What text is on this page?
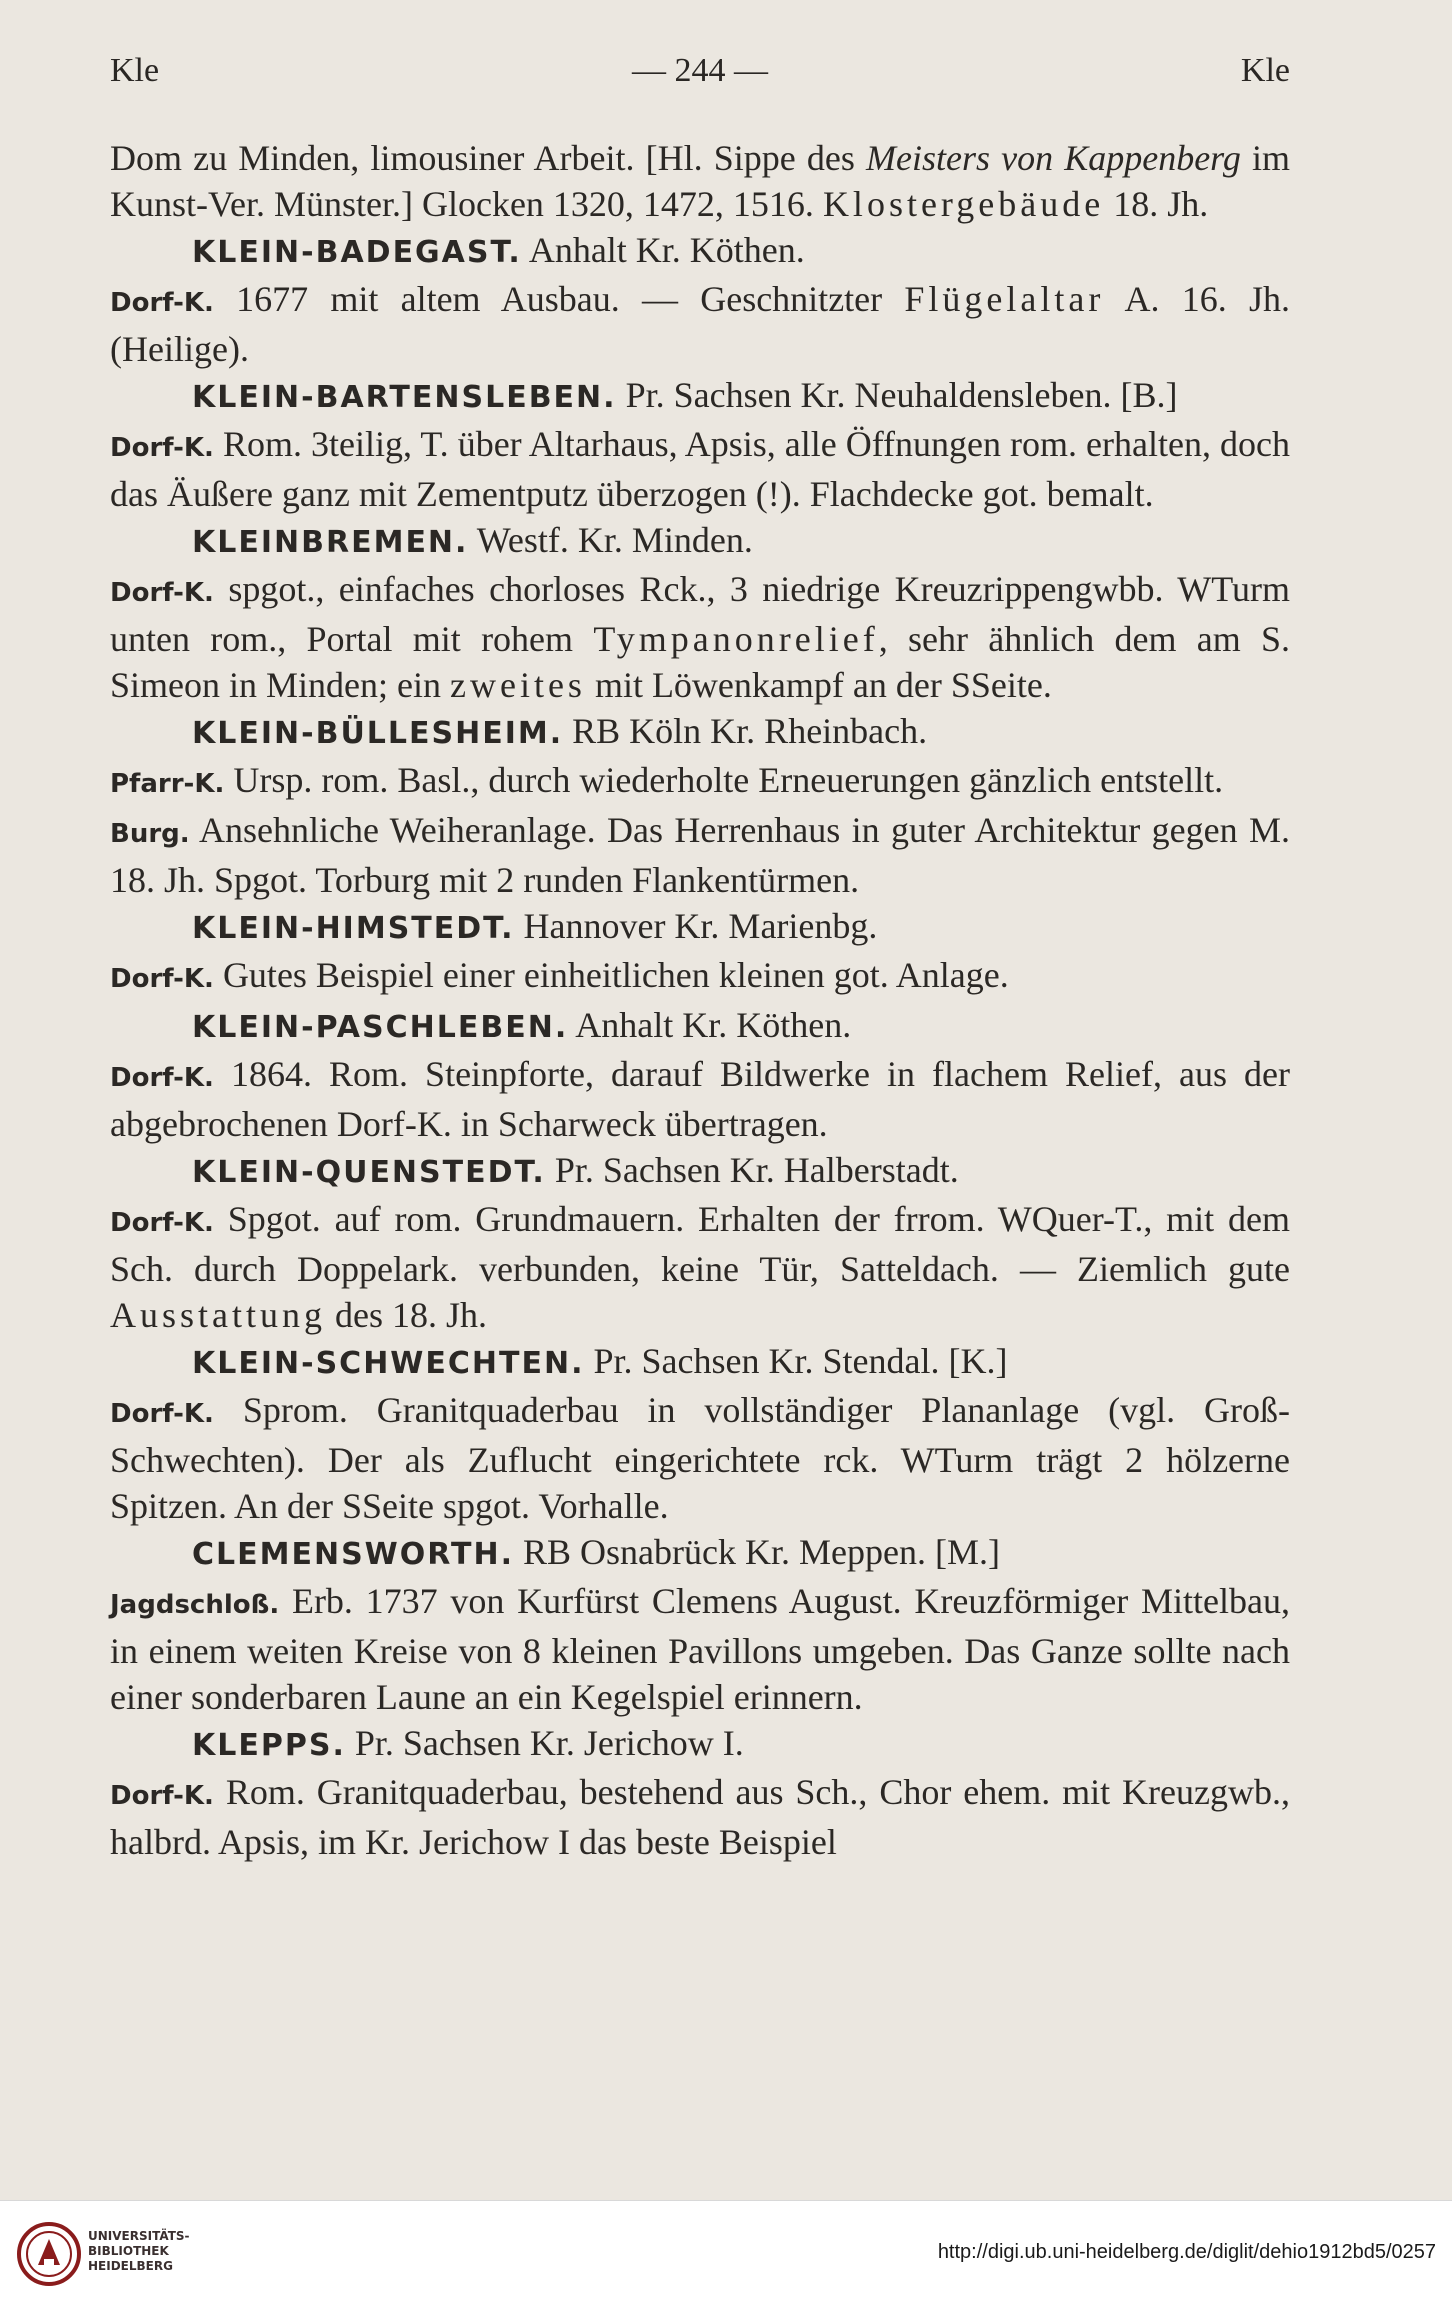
Kle	— 244 —	Kle

Dom zu Minden, limousiner Arbeit. [Hl. Sippe des Meisters von Kappenberg im Kunst-Ver. Münster.] Glocken 1320, 1472, 1516. Klostergebäude 18. Jh.

KLEIN-BADEGAST. Anhalt Kr. Köthen.

Dorf-K. 1677 mit altem Ausbau. — Geschnitzter Flügelaltar A. 16. Jh. (Heilige).

KLEIN-BARTENSLEBEN. Pr. Sachsen Kr. Neuhaldensleben. [B.]

Dorf-K. Rom. 3teilig, T. über Altarhaus, Apsis, alle Öffnungen rom. erhalten, doch das Äußere ganz mit Zementputz überzogen (!). Flachdecke got. bemalt.

KLEINBREMEN. Westf. Kr. Minden.

Dorf-K. spgot., einfaches chorloses Rck., 3 niedrige Kreuzrippengwbb. WTurm unten rom., Portal mit rohem Tympanonrelief, sehr ähnlich dem am S. Simeon in Minden; ein zweites mit Löwenkampf an der SSeite.

KLEIN-BÜLLESHEIM. RB Köln Kr. Rheinbach.

Pfarr-K. Ursp. rom. Basl., durch wiederholte Erneuerungen gänzlich entstellt.

Burg. Ansehnliche Weiheranlage. Das Herrenhaus in guter Architektur gegen M. 18. Jh. Spgot. Torburg mit 2 runden Flankentürmen.

KLEIN-HIMSTEDT. Hannover Kr. Marienbg.

Dorf-K. Gutes Beispiel einer einheitlichen kleinen got. Anlage.

KLEIN-PASCHLEBEN. Anhalt Kr. Köthen.

Dorf-K. 1864. Rom. Steinpforte, darauf Bildwerke in flachem Relief, aus der abgebrochenen Dorf-K. in Scharweck übertragen.

KLEIN-QUENSTEDT. Pr. Sachsen Kr. Halberstadt.

Dorf-K. Spgot. auf rom. Grundmauern. Erhalten der frrom. WQuer-T., mit dem Sch. durch Doppelark. verbunden, keine Tür, Satteldach. — Ziemlich gute Ausstattung des 18. Jh.

KLEIN-SCHWECHTEN. Pr. Sachsen Kr. Stendal. [K.]

Dorf-K. Sprom. Granitquaderbau in vollständiger Plananlage (vgl. Groß-Schwechten). Der als Zuflucht eingerichtete rck. WTurm trägt 2 hölzerne Spitzen. An der SSeite spgot. Vorhalle.

CLEMENSWORTH. RB Osnabrück Kr. Meppen. [M.]

Jagdschloß. Erb. 1737 von Kurfürst Clemens August. Kreuzförmiger Mittelbau, in einem weiten Kreise von 8 kleinen Pavillons umgeben. Das Ganze sollte nach einer sonderbaren Laune an ein Kegelspiel erinnern.

KLEPPS. Pr. Sachsen Kr. Jerichow I.

Dorf-K. Rom. Granitquaderbau, bestehend aus Sch., Chor ehem. mit Kreuzgwb., halbrd. Apsis, im Kr. Jerichow I das beste Beispiel

UNIVERSITÄTS-
BIBLIOTHEK
HEIDELBERG
http://digi.ub.uni-heidelberg.de/diglit/dehio1912bd5/0257
